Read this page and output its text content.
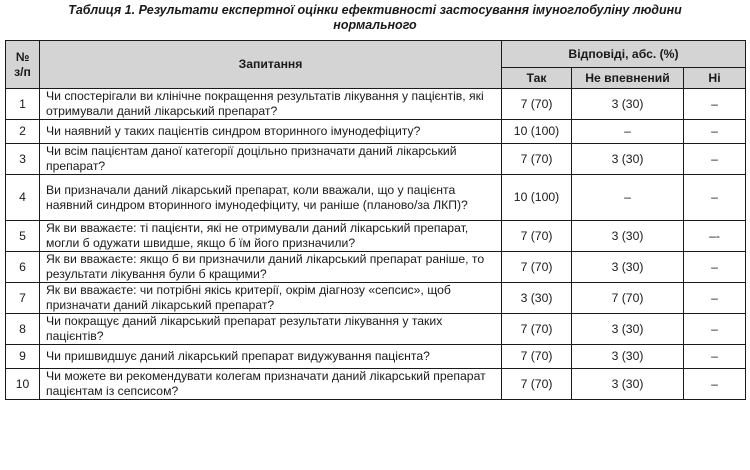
Таблиця 1. Результати експертної оцінки ефективності застосування імуноглобуліну людини
нормального
№ з/п	Запитання	Відповіді, абс. (%)		
		Так	Не впевнений	Ні
1	Чи спостерігали ви клінічне покращення результатів лікування у пацієнтів, які отримували даний лікарський препарат?	7 (70)	3 (30)	–
2	Чи наявний у таких пацієнтів синдром вторинного імунодефіциту?	10 (100)	–	–
3	Чи всім пацієнтам даної категорії доцільно призначати даний лікарський препарат?	7 (70)	3 (30)	–
4	Ви призначали даний лікарський препарат, коли вважали, що у пацієнта наявний синдром вторинного імунодефіциту, чи раніше (планово/за ЛКП)?	10 (100)	–	–
5	Як ви вважаєте: ті пацієнти, які не отримували даний лікарський препарат, могли б одужати швидше, якщо б їм його призначили?	7 (70)	3 (30)	–-
6	Як ви вважаєте: якщо б ви призначили даний лікарський препарат раніше, то результати лікування були б кращими?	7 (70)	3 (30)	–
7	Як ви вважаєте: чи потрібні якісь критерії, окрім діагнозу «сепсис», щоб призначати даний лікарський препарат?	3 (30)	7 (70)	–
8	Чи покращує даний лікарський препарат результати лікування у таких пацієнтів?	7 (70)	3 (30)	–
9	Чи пришвидшує даний лікарський препарат видужування пацієнта?	7 (70)	3 (30)	–
10	Чи можете ви рекомендувати колегам призначати даний лікарський препарат пацієнтам із сепсисом?	7 (70)	3 (30)	–
